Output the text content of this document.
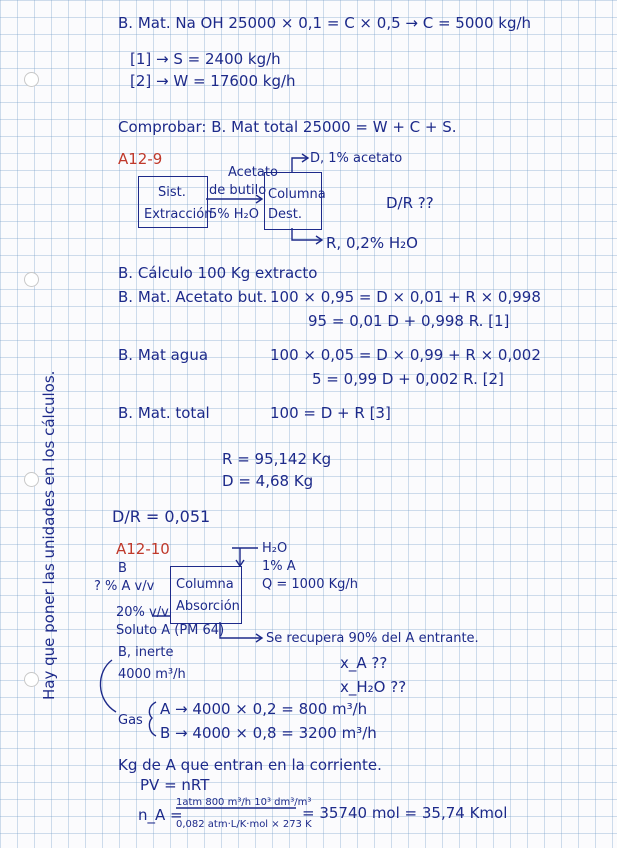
B. Mat. Na OH 25000 × 0,1 = C × 0,5 → C = 5000 kg/h
[1] → S = 2400 kg/h
[2] → W = 17600 kg/h
Comprobar: B. Mat total 25000 = W + C + S.
A12-9	D, 1% acetato
Sist.
Extracción
Acetato
de butilo
5% H₂O
Columna
Dest.
D/R ??
R, 0,2% H₂O
B. Cálculo 100 Kg extracto
B. Mat. Acetato but. 100 × 0,95 = D × 0,01 + R × 0,998
95 = 0,01 D + 0,998 R. [1]
B. Mat agua	100 × 0,05 = D × 0,99 + R × 0,002
5 = 0,99 D + 0,002 R. [2]
B. Mat. total	100 = D + R [3]
R = 95,142 Kg
D = 4,68 Kg
D/R = 0,051
A12-10	H₂O
1% A
Q = 1000 Kg/h
B
? % A v/v
20% v/v
Soluto A (PM 64)
B, inerte
Columna
Absorción
Se recupera 90% del A entrante.
x_A ??
x_H₂O ??
4000 m³/h
Gas
A → 4000 × 0,2 = 800 m³/h
B → 4000 × 0,8 = 3200 m³/h
Kg de A que entran en la corriente.
PV = nRT
n_A =
1atm 800 m³/h 10³ dm³/m³
0,082 atm·L/K·mol × 273 K
= 35740 mol = 35,74 Kmol
Hay que poner las unidades en los cálculos.
